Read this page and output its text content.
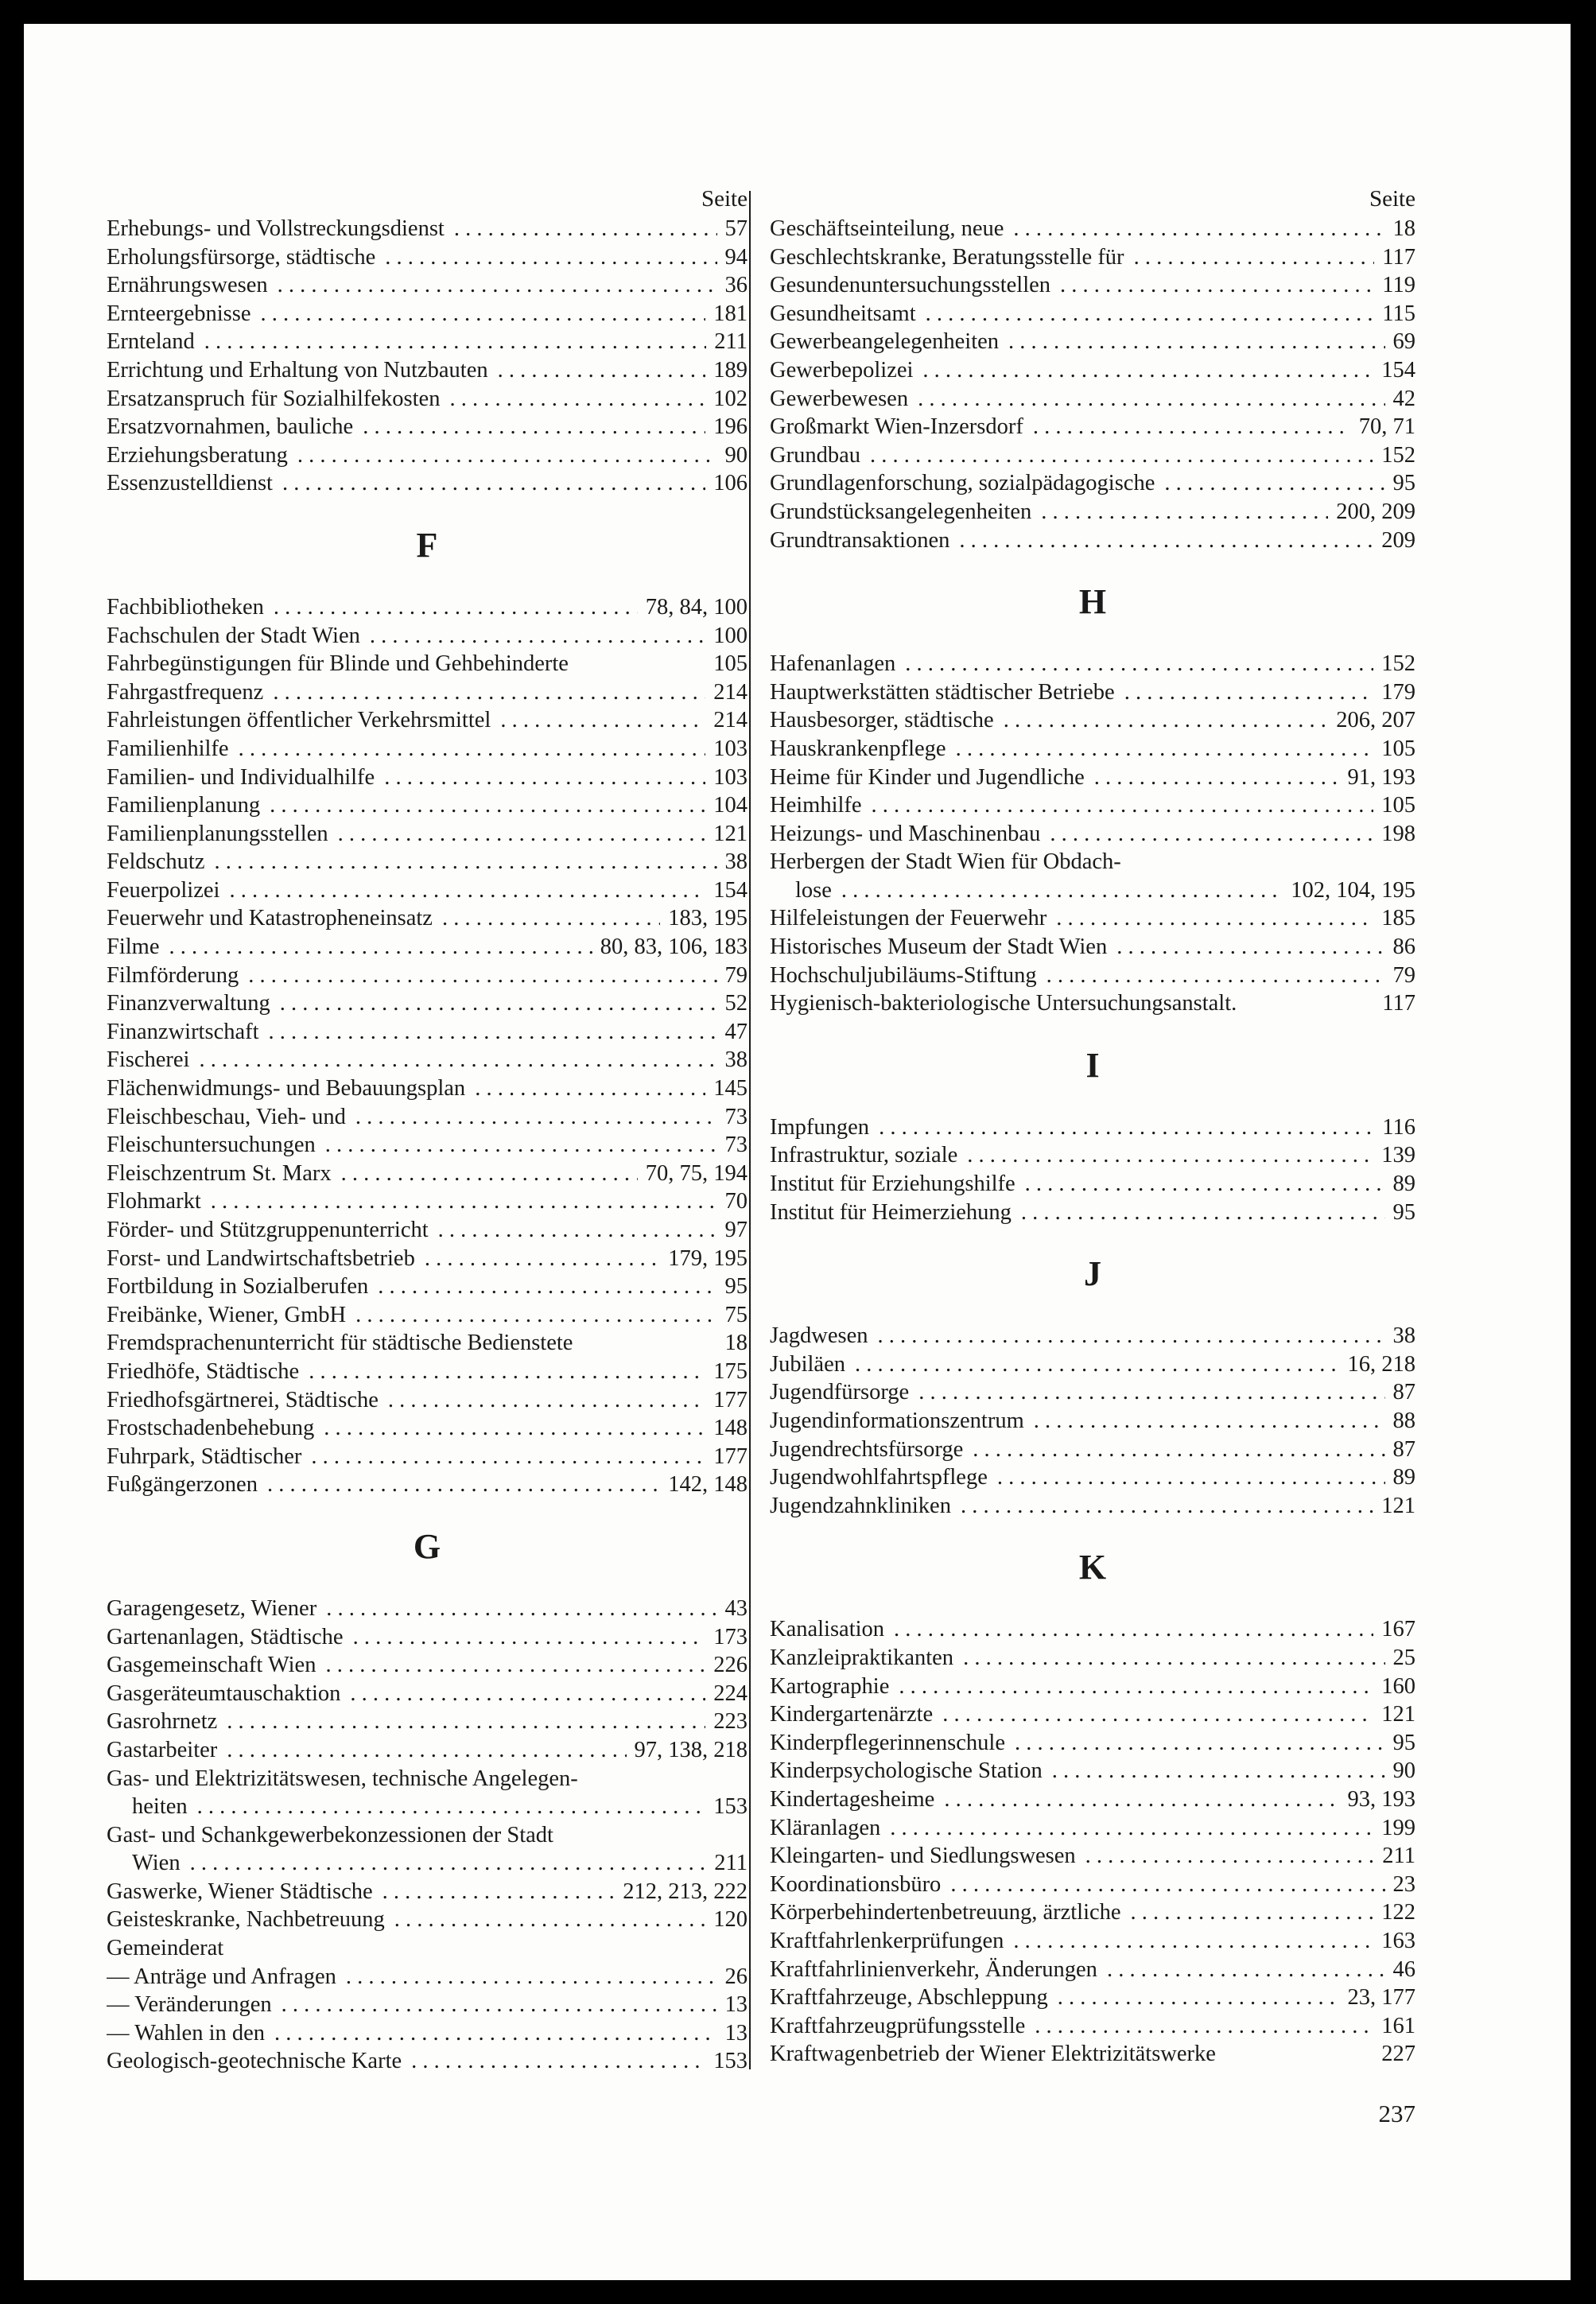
Seite
Erhebungs- und Vollstreckungsdienst . . .	57
Erholungsfürsorge, städtische . . .	94
Ernährungswesen . . .	36
Ernteergebnisse . . .	181
Ernteland . . .	211
Errichtung und Erhaltung von Nutzbauten . . .	189
Ersatzanspruch für Sozialhilfekosten . . .	102
Ersatzvornahmen, bauliche . . .	196
Erziehungsberatung . . .	90
Essenzustelldienst . . .	106
F
Fachbibliotheken . . .	78, 84, 100
Fachschulen der Stadt Wien . . .	100
Fahrbegünstigungen für Blinde und Gehbehinderte	105
Fahrgastfrequenz . . .	214
Fahrleistungen öffentlicher Verkehrsmittel . . .	214
Familienhilfe . . .	103
Familien- und Individualhilfe . . .	103
Familienplanung . . .	104
Familienplanungsstellen . . .	121
Feldschutz . . .	38
Feuerpolizei . . .	154
Feuerwehr und Katastropheneinsatz . . .	183, 195
Filme . . .	80, 83, 106, 183
Filmförderung . . .	79
Finanzverwaltung . . .	52
Finanzwirtschaft . . .	47
Fischerei . . .	38
Flächenwidmungs- und Bebauungsplan . . .	145
Fleischbeschau, Vieh- und . . .	73
Fleischuntersuchungen . . .	73
Fleischzentrum St. Marx . . .	70, 75, 194
Flohmarkt . . .	70
Förder- und Stützgruppenunterricht . . .	97
Forst- und Landwirtschaftsbetrieb . . .	179, 195
Fortbildung in Sozialberufen . . .	95
Freibänke, Wiener, GmbH . . .	75
Fremdsprachenunterricht für städtische Bedienstete	18
Friedhöfe, Städtische . . .	175
Friedhofsgärtnerei, Städtische . . .	177
Frostschadenbehebung . . .	148
Fuhrpark, Städtischer . . .	177
Fußgängerzonen . . .	142, 148
G
Garagengesetz, Wiener . . .	43
Gartenanlagen, Städtische . . .	173
Gasgemeinschaft Wien . . .	226
Gasgeräteumtauschaktion . . .	224
Gasrohrnetz . . .	223
Gastarbeiter . . .	97, 138, 218
Gas- und Elektrizitätswesen, technische Angelegen-
heiten . . .	153
Gast- und Schankgewerbekonzessionen der Stadt
Wien . . .	211
Gaswerke, Wiener Städtische . . .	212, 213, 222
Geisteskranke, Nachbetreuung . . .	120
Gemeinderat
— Anträge und Anfragen . . .	26
— Veränderungen . . .	13
— Wahlen in den . . .	13
Geologisch-geotechnische Karte . . .	153
Seite
Geschäftseinteilung, neue . . .	18
Geschlechtskranke, Beratungsstelle für . . .	117
Gesundenuntersuchungsstellen . . .	119
Gesundheitsamt . . .	115
Gewerbeangelegenheiten . . .	69
Gewerbepolizei . . .	154
Gewerbewesen . . .	42
Großmarkt Wien-Inzersdorf . . .	70, 71
Grundbau . . .	152
Grundlagenforschung, sozialpädagogische . . .	95
Grundstücksangelegenheiten . . .	200, 209
Grundtransaktionen . . .	209
H
Hafenanlagen . . .	152
Hauptwerkstätten städtischer Betriebe . . .	179
Hausbesorger, städtische . . .	206, 207
Hauskrankenpflege . . .	105
Heime für Kinder und Jugendliche . . .	91, 193
Heimhilfe . . .	105
Heizungs- und Maschinenbau . . .	198
Herbergen der Stadt Wien für Obdach-
lose . . .	102, 104, 195
Hilfeleistungen der Feuerwehr . . .	185
Historisches Museum der Stadt Wien . . .	86
Hochschuljubiläums-Stiftung . . .	79
Hygienisch-bakteriologische Untersuchungsanstalt.	117
I
Impfungen . . .	116
Infrastruktur, soziale . . .	139
Institut für Erziehungshilfe . . .	89
Institut für Heimerziehung . . .	95
J
Jagdwesen . . .	38
Jubiläen . . .	16, 218
Jugendfürsorge . . .	87
Jugendinformationszentrum . . .	88
Jugendrechtsfürsorge . . .	87
Jugendwohlfahrtspflege . . .	89
Jugendzahnkliniken . . .	121
K
Kanalisation . . .	167
Kanzleipraktikanten . . .	25
Kartographie . . .	160
Kindergartenärzte . . .	121
Kinderpflegerinnenschule . . .	95
Kinderpsychologische Station . . .	90
Kindertagesheime . . .	93, 193
Kläranlagen . . .	199
Kleingarten- und Siedlungswesen . . .	211
Koordinationsbüro . . .	23
Körperbehindertenbetreuung, ärztliche . . .	122
Kraftfahrlenkerprüfungen . . .	163
Kraftfahrlinienverkehr, Änderungen . . .	46
Kraftfahrzeuge, Abschleppung . . .	23, 177
Kraftfahrzeugprüfungsstelle . . .	161
Kraftwagenbetrieb der Wiener Elektrizitätswerke	227
237
